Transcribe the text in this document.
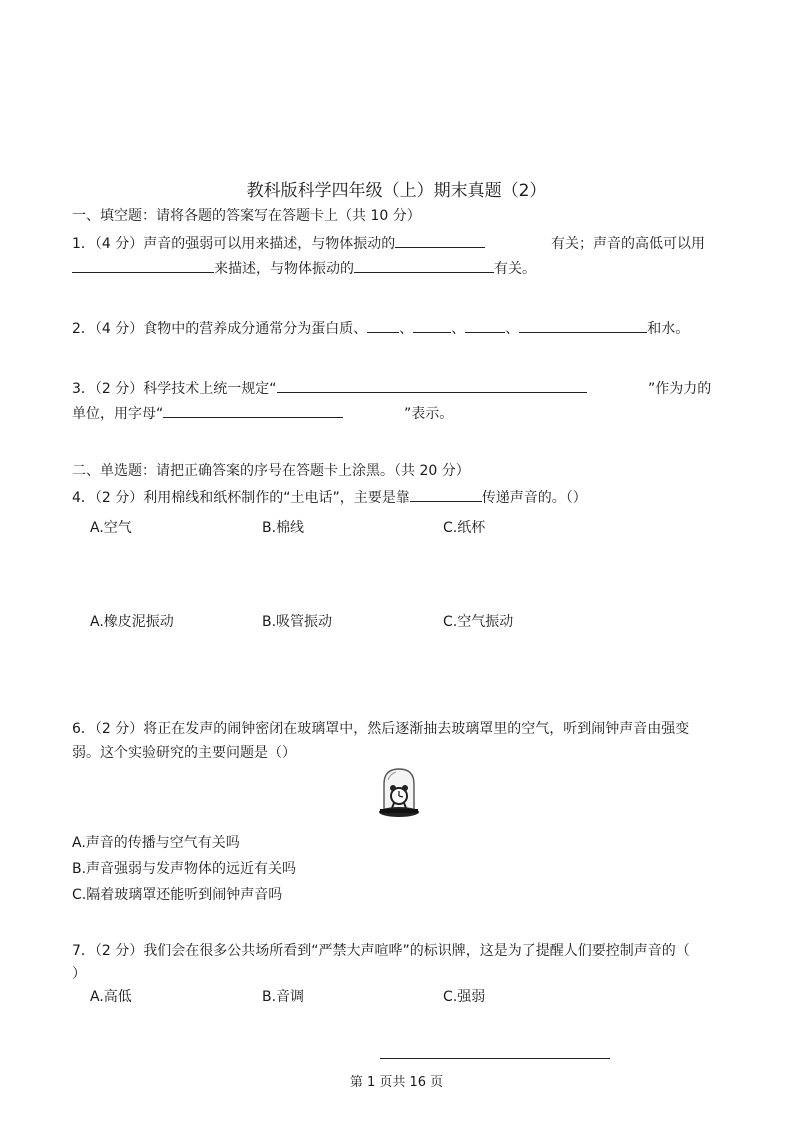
教科版科学四年级（上）期末真题（2）
一、填空题：请将各题的答案写在答题卡上（共 10 分）
1．（4 分）声音的强弱可以用来描述，与物体振动的	有关；声音的高低可以用
来描述，与物体振动的	有关。
2．（4 分）食物中的营养成分通常分为蛋白质、 、	、	、	和水。
3．（2 分）科学技术上统一规定“	”作为力的
单位，用字母“	”表示。
二、单选题：请把正确答案的序号在答题卡上涂黑。（共 20 分）
4．（2 分）利用棉线和纸杯制作的“土电话”，主要是靠	传递声音的。（）
A.空气	B.棉线	C.纸杯
A.橡皮泥振动	B.吸管振动	C.空气振动
6．（2 分）将正在发声的闹钟密闭在玻璃罩中，然后逐渐抽去玻璃罩里的空气，听到闹钟声音由强变
弱。这个实验研究的主要问题是（）
A.声音的传播与空气有关吗
B.声音强弱与发声物体的远近有关吗
C.隔着玻璃罩还能听到闹钟声音吗
7．（2 分）我们会在很多公共场所看到“严禁大声喧哗”的标识牌，这是为了提醒人们要控制声音的（
）
A.高低	B.音调	C.强弱
第 1 页共 16 页
